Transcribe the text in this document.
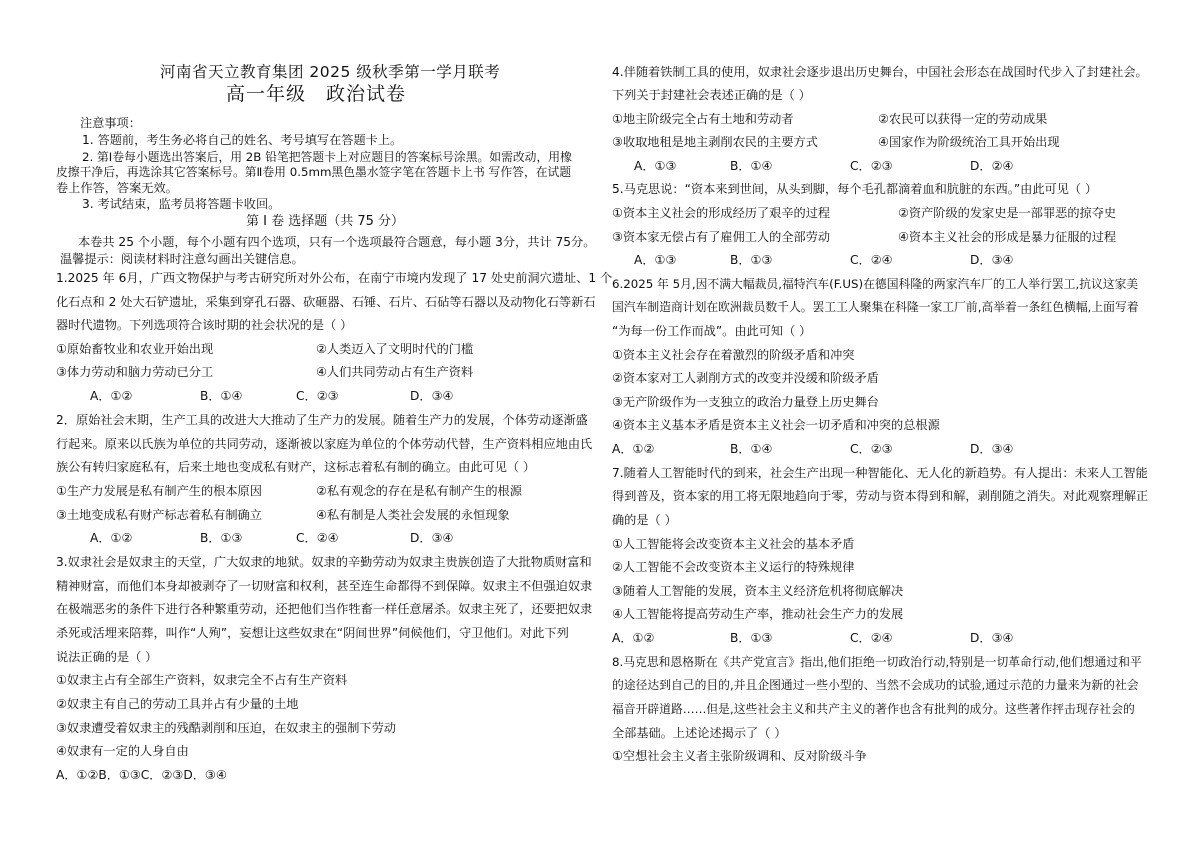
河南省天立教育集团 2025 级秋季第一学月联考
高一年级　政治试卷
注意事项：
1. 答题前，考生务必将自己的姓名、考号填写在答题卡上。
2. 第Ⅰ卷每小题选出答案后，用 2B 铅笔把答题卡上对应题目的答案标号涂黑。如需改动，用橡
皮擦干净后，再选涂其它答案标号。第Ⅱ卷用 0.5mm黑色墨水签字笔在答题卡上书 写作答，在试题
卷上作答，答案无效。
3. 考试结束，监考员将答题卡收回。
第 I 卷 选择题（共 75 分）
本卷共 25 个小题，每个小题有四个选项，只有一个选项最符合题意，每小题 3分，共计 75分。
温馨提示：阅读材料时注意勾画出关键信息。
1.2025 年 6月，广西文物保护与考古研究所对外公布，在南宁市境内发现了 17 处史前洞穴遗址、1 个
化石点和 2 处大石铲遗址，采集到穿孔石器、砍砸器、石锤、石片、石砧等石器以及动物化石等新石
器时代遗物。下列选项符合该时期的社会状况的是（ ）
①原始畜牧业和农业开始出现	②人类迈入了文明时代的门槛
③体力劳动和脑力劳动已分工	④人们共同劳动占有生产资料
A．①②	B．①④	C．②③	D．③④
2．原始社会末期，生产工具的改进大大推动了生产力的发展。随着生产力的发展，个体劳动逐渐盛
行起来。原来以氏族为单位的共同劳动，逐渐被以家庭为单位的个体劳动代替，生产资料相应地由氏
族公有转归家庭私有，后来土地也变成私有财产，这标志着私有制的确立。由此可见（ ）
①生产力发展是私有制产生的根本原因	②私有观念的存在是私有制产生的根源
③土地变成私有财产标志着私有制确立	④私有制是人类社会发展的永恒现象
A．①②	B．①③	C．②④	D．③④
3.奴隶社会是奴隶主的天堂，广大奴隶的地狱。奴隶的辛勤劳动为奴隶主贵族创造了大批物质财富和
精神财富，而他们本身却被剥夺了一切财富和权利，甚至连生命都得不到保障。奴隶主不但强迫奴隶
在极端恶劣的条件下进行各种繁重劳动，还把他们当作牲畜一样任意屠杀。奴隶主死了，还要把奴隶
杀死或活埋来陪葬，叫作“人殉”，妄想让这些奴隶在“阴间世界”伺候他们，守卫他们。对此下列
说法正确的是（ ）
①奴隶主占有全部生产资料，奴隶完全不占有生产资料
②奴隶主有自己的劳动工具并占有少量的土地
③奴隶遭受着奴隶主的残酷剥削和压迫，在奴隶主的强制下劳动
④奴隶有一定的人身自由
A．①②B．①③C．②③D．③④
4.伴随着铁制工具的使用，奴隶社会逐步退出历史舞台，中国社会形态在战国时代步入了封建社会。
下列关于封建社会表述正确的是（ ）
①地主阶级完全占有土地和劳动者	②农民可以获得一定的劳动成果
③收取地租是地主剥削农民的主要方式	④国家作为阶级统治工具开始出现
A．①③	B．①④	C．②③	D．②④
5.马克思说：“资本来到世间，从头到脚，每个毛孔都滴着血和肮脏的东西。”由此可见（ ）
①资本主义社会的形成经历了艰辛的过程	②资产阶级的发家史是一部罪恶的掠夺史
③资本家无偿占有了雇佣工人的全部劳动	④资本主义社会的形成是暴力征服的过程
A．①③	B．①③	C．②④	D．③④
6.2025 年 5月,因不满大幅裁员,福特汽车(F.US)在德国科隆的两家汽车厂的工人举行罢工,抗议这家美
国汽车制造商计划在欧洲裁员数千人。罢工工人聚集在科隆一家工厂前,高举着一条红色横幅,上面写着
“为每一份工作而战”。由此可知（ ）
①资本主义社会存在着激烈的阶级矛盾和冲突
②资本家对工人剥削方式的改变并没缓和阶级矛盾
③无产阶级作为一支独立的政治力量登上历史舞台
④资本主义基本矛盾是资本主义社会一切矛盾和冲突的总根源
A．①②	B．①④	C．②③	D．③④
7.随着人工智能时代的到来，社会生产出现一种智能化、无人化的新趋势。有人提出：未来人工智能
得到普及，资本家的用工将无限地趋向于零，劳动与资本得到和解，剥削随之消失。对此观察理解正
确的是（ ）
①人工智能将会改变资本主义社会的基本矛盾
②人工智能不会改变资本主义运行的特殊规律
③随着人工智能的发展，资本主义经济危机将彻底解决
④人工智能将提高劳动生产率，推动社会生产力的发展
A．①②	B．①③	C．②④	D．③④
8.马克思和恩格斯在《共产党宣言》指出,他们拒绝一切政治行动,特别是一切革命行动,他们想通过和平
的途径达到自己的目的,并且企图通过一些小型的、当然不会成功的试验,通过示范的力量来为新的社会
福音开辟道路……但是,这些社会主义和共产主义的著作也含有批判的成分。这些著作抨击现存社会的
全部基础。上述论述揭示了（ ）
①空想社会主义者主张阶级调和、反对阶级斗争
